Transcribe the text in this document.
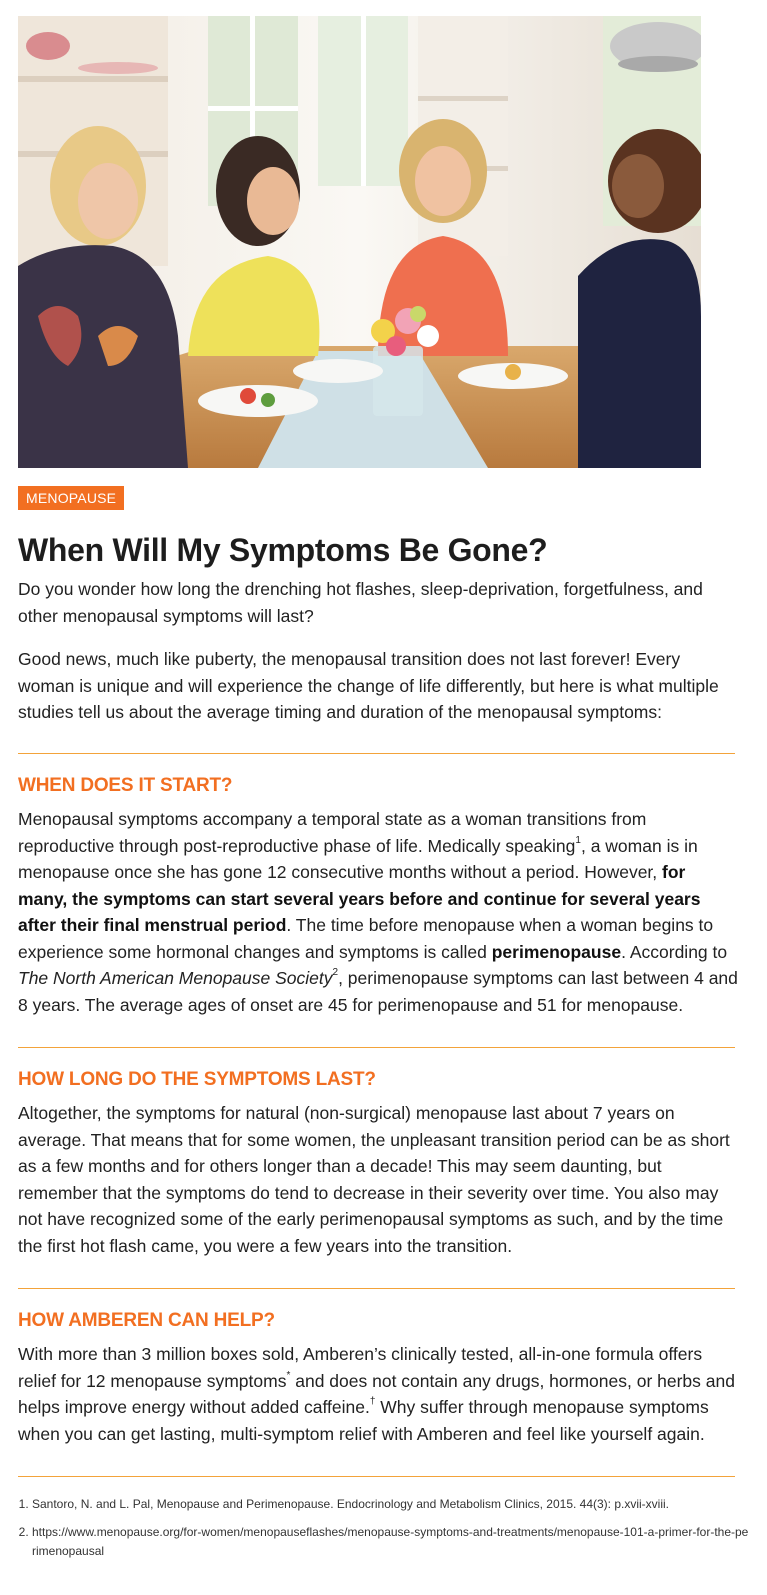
MENOPAUSE
When Will My Symptoms Be Gone?

Do you wonder how long the drenching hot flashes, sleep-deprivation, forgetfulness, and other menopausal symptoms will last?

Good news, much like puberty, the menopausal transition does not last forever! Every woman is unique and will experience the change of life differently, but here is what multiple studies tell us about the average timing and duration of the menopausal symptoms:

WHEN DOES IT START?

Menopausal symptoms accompany a temporal state as a woman transitions from reproductive through post-reproductive phase of life. Medically speaking$^1$, a woman is in menopause once she has gone 12 consecutive months without a period. However, for many, the symptoms can start several years before and continue for several years after their final menstrual period. The time before menopause when a woman begins to experience some hormonal changes and symptoms is called perimenopause. According to The North American Menopause Society$^2$, perimenopause symptoms can last between 4 and 8 years. The average ages of onset are 45 for perimenopause and 51 for menopause.

HOW LONG DO THE SYMPTOMS LAST?

Altogether, the symptoms for natural (non-surgical) menopause last about 7 years on average. That means that for some women, the unpleasant transition period can be as short as a few months and for others longer than a decade! This may seem daunting, but remember that the symptoms do tend to decrease in their severity over time. You also may not have recognized some of the early perimenopausal symptoms as such, and by the time the first hot flash came, you were a few years into the transition.

HOW AMBEREN CAN HELP?

With more than 3 million boxes sold, Amberen’s clinically tested, all-in-one formula offers relief for 12 menopause symptoms* and does not contain any drugs, hormones, or herbs and helps improve energy without added caffeine.† Why suffer through menopause symptoms when you can get lasting, multi-symptom relief with Amberen and feel like yourself again.

1. Santoro, N. and L. Pal, Menopause and Perimenopause. Endocrinology and Metabolism Clinics, 2015. 44(3): p.xvii-xviii.
2. https://www.menopause.org/for-women/menopauseflashes/menopause-symptoms-and-treatments/menopause-101-a-primer-for-the-perimenopausal
